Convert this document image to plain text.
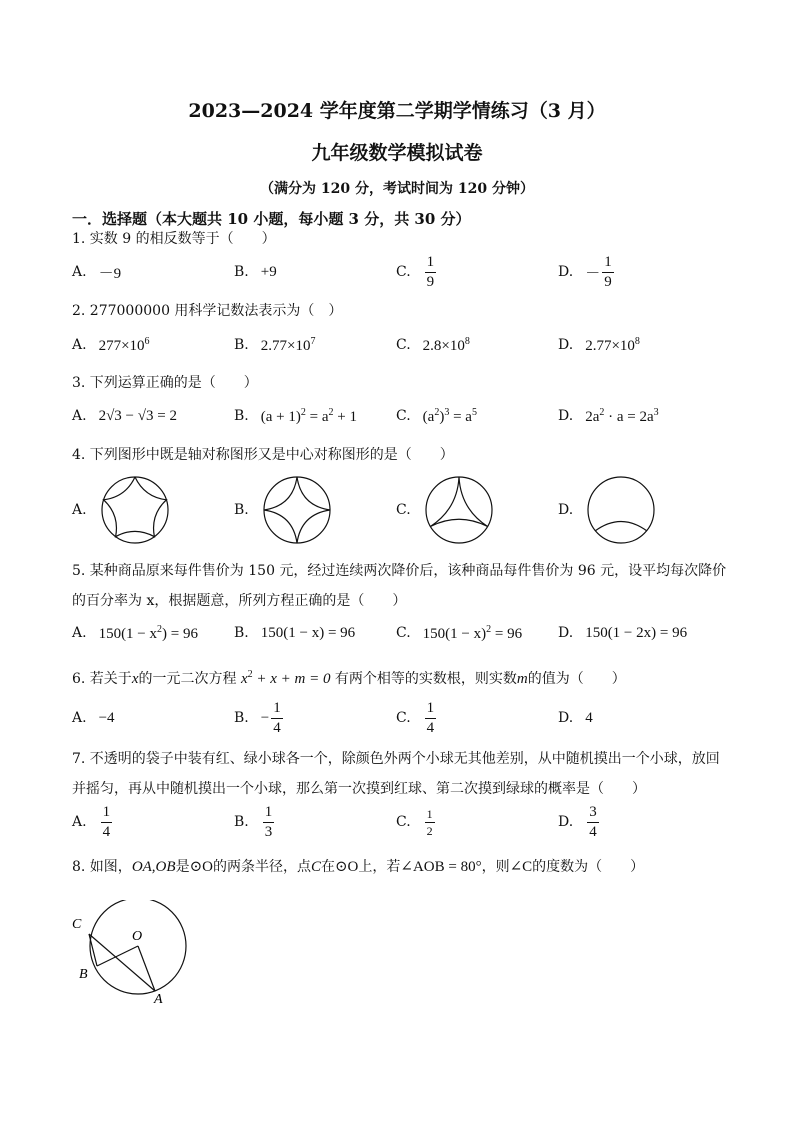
2023—2024 学年度第二学期学情练习（3 月）
九年级数学模拟试卷
（满分为 120 分，考试时间为 120 分钟）
一．选择题（本大题共 10 小题，每小题 3 分，共 30 分）
1. 实数 9 的相反数等于（　　）
A. －9	B. +9	C. $\frac{1}{9}$	D. － $\frac{1}{9}$
2. 277000000 用科学记数法表示为（　）
A. $277\times 10^6$	B. $2.77\times 10^7$	C. $2.8\times 10^8$	D. $2.77\times 10^8$
3. 下列运算正确的是（　　）
A. 2√3 − √3 = 2	B. $(a + 1)^2 = a^2 + 1$	C. $(a^2)^3 = a^5$	D. $2a^2 \cdot a = 2a^3$
4. 下列图形中既是轴对称图形又是中心对称图形的是（　　）
A.	B.	C.	D.
5. 某种商品原来每件售价为 150 元，经过连续两次降价后，该种商品每件售价为 96 元，设平均每次降价
的百分率为 x，根据题意，所列方程正确的是（　　）
A. $150(1 - x^2) = 96$	B. 150(1 − x) = 96	C. $150(1 - x)^2 = 96$	D. 150(1 − 2x) = 96
6. 若关于x的一元二次方程 $x^2 + x + m = 0$ 有两个相等的实数根，则实数m的值为（　　）
A. −4	B. − $\frac{1}{4}$	C. $\frac{1}{4}$	D. 4
7. 不透明的袋子中装有红、绿小球各一个，除颜色外两个小球无其他差别，从中随机摸出一个小球，放回
并摇匀，再从中随机摸出一个小球，那么第一次摸到红球、第二次摸到绿球的概率是（　　）
A. $\frac{1}{4}$	B. $\frac{1}{3}$	C. $\frac{1}{2}$	D. $\frac{3}{4}$
8. 如图，OA,OB是⊙O的两条半径，点C在⊙O上，若∠AOB = 80°，则∠C的度数为（　　）
C
O
B
A
